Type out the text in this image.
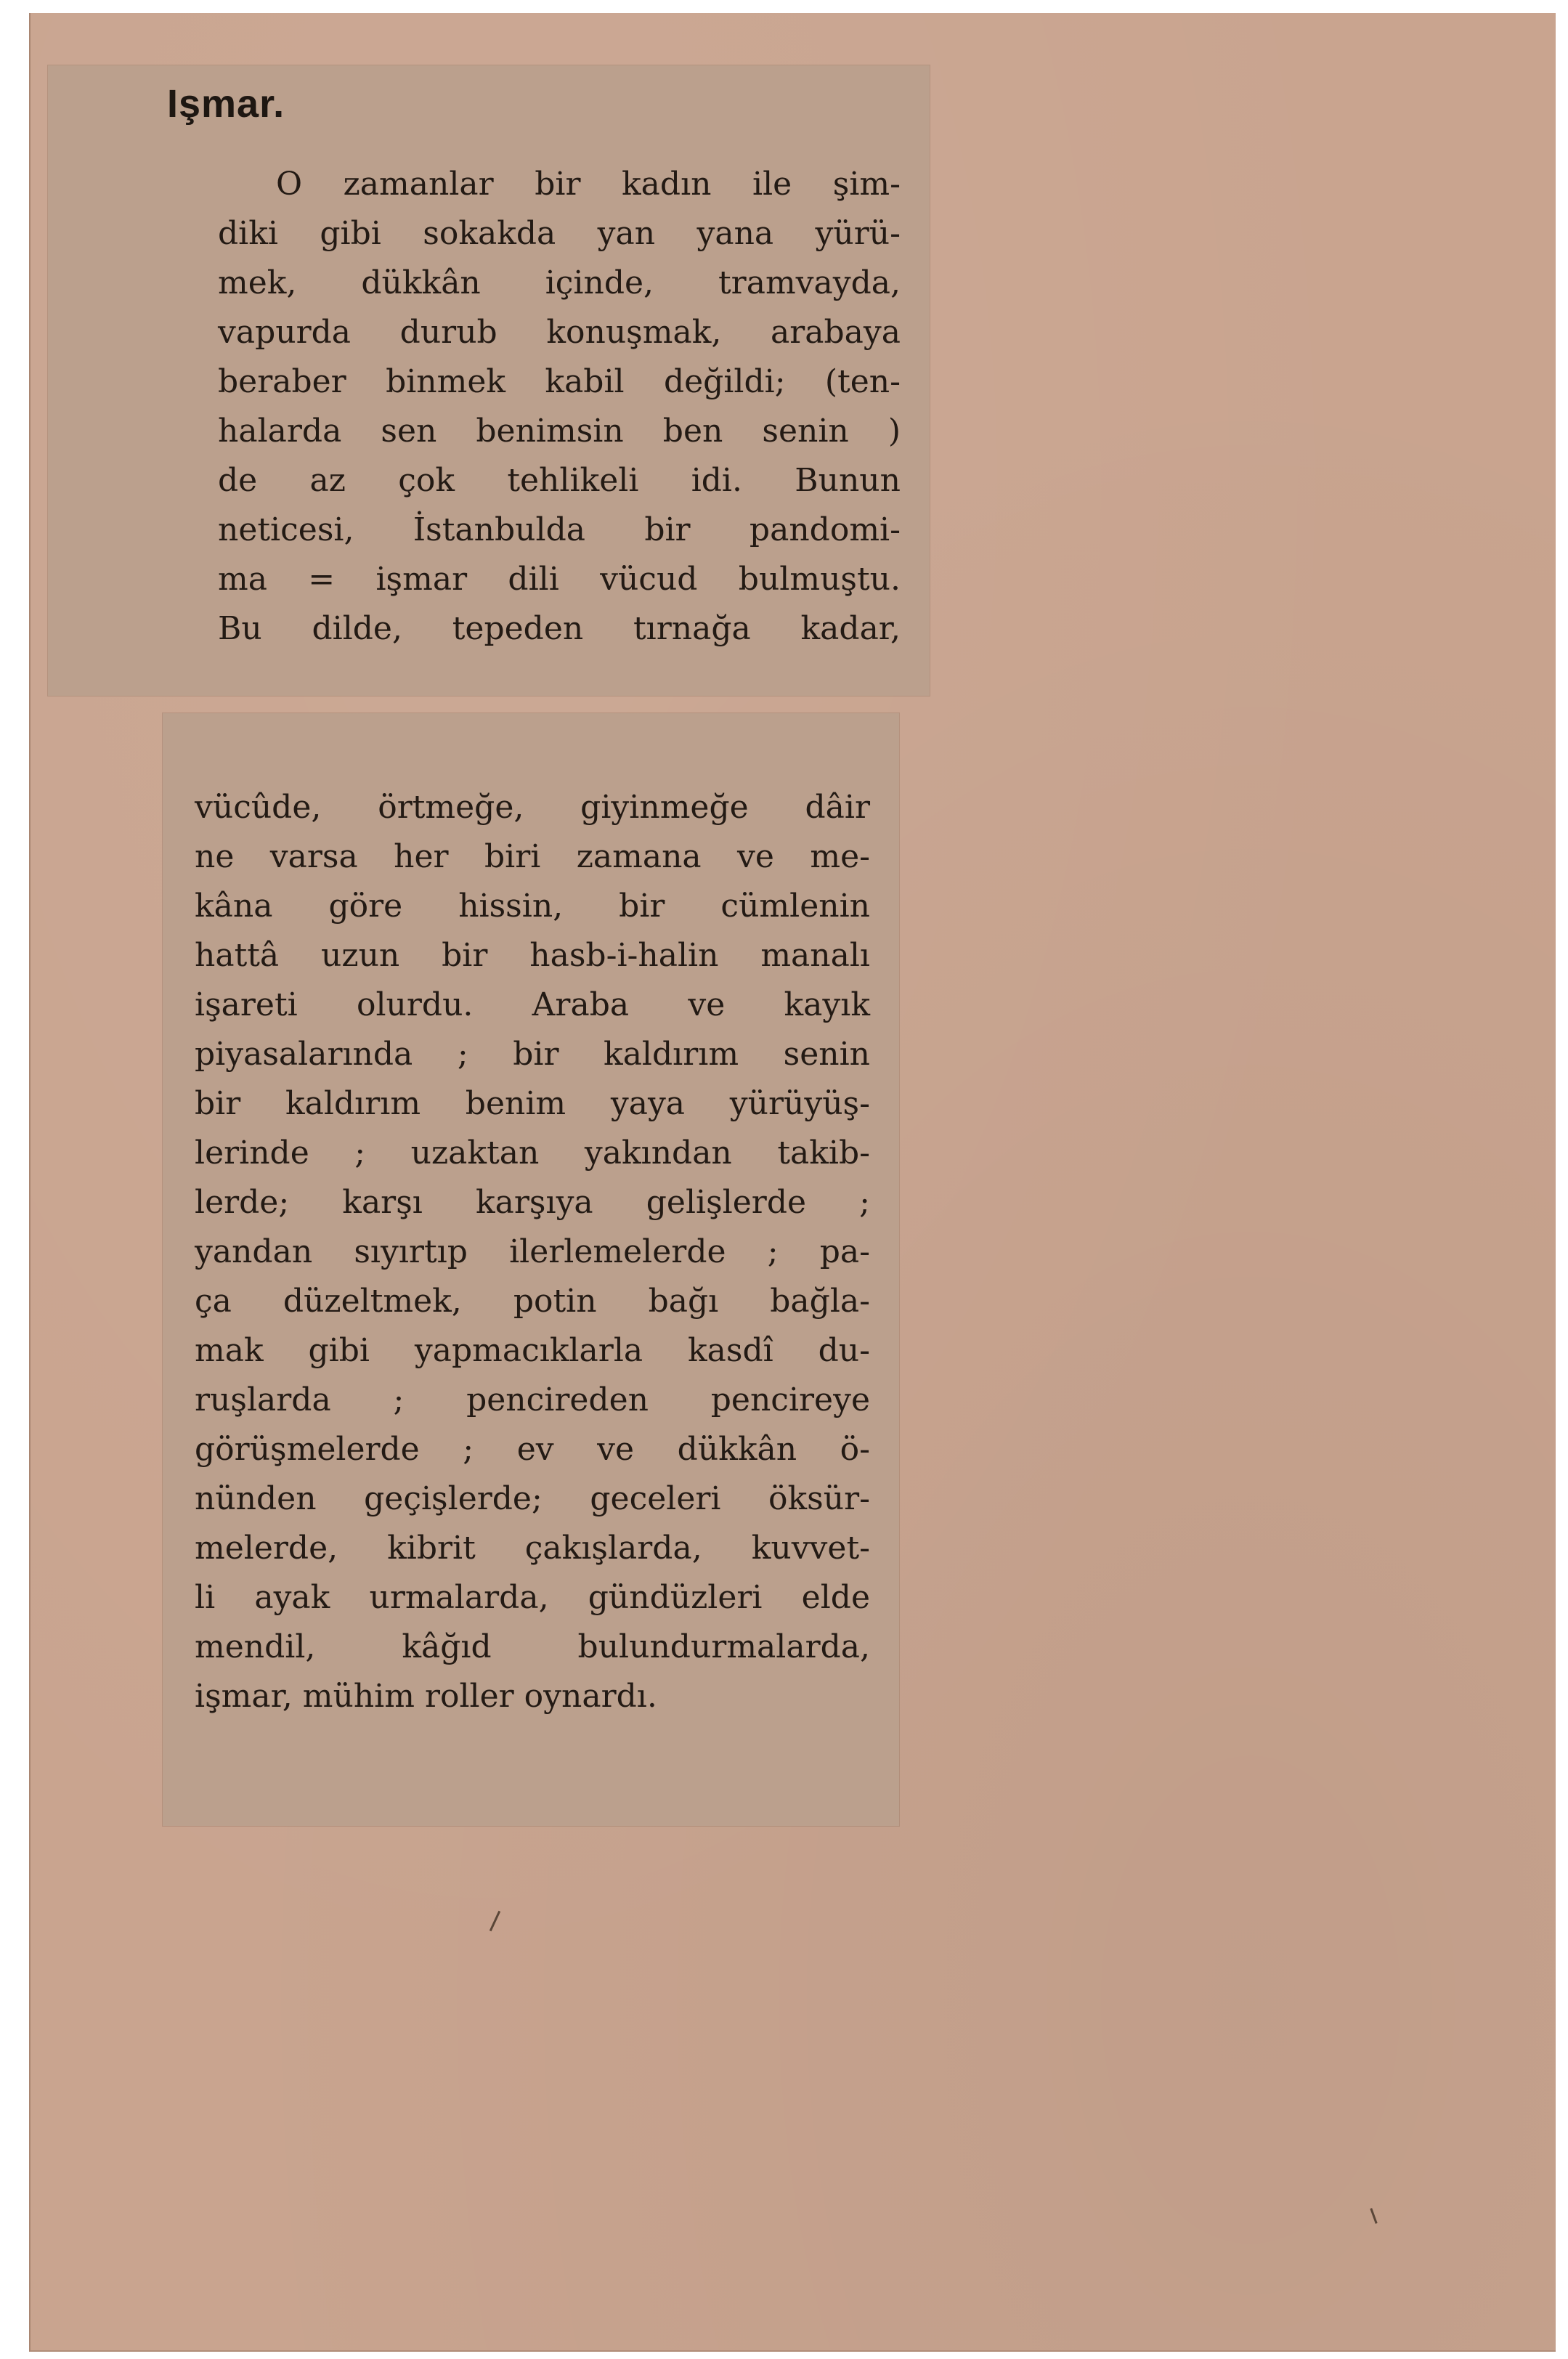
Işmar.

O zamanlar bir kadın ile şim-

diki gibi sokakda yan yana yürü-

mek, dükkân içinde, tramvayda,

vapurda durub konuşmak, arabaya

beraber binmek kabil değildi; (ten-

halarda sen benimsin ben senin )

de az çok tehlikeli idi. Bunun

neticesi, İstanbulda bir pandomi-

ma = işmar dili vücud bulmuştu.

Bu dilde, tepeden tırnağa kadar,

vücûde, örtmeğe, giyinmeğe dâir

ne varsa her biri zamana ve me-

kâna göre hissin, bir cümlenin

hattâ uzun bir hasb-i-halin manalı

işareti olurdu. Araba ve kayık

piyasalarında ; bir kaldırım senin

bir kaldırım benim yaya yürüyüş-

lerinde ; uzaktan yakından takib-

lerde; karşı karşıya gelişlerde ;

yandan sıyırtıp ilerlemelerde ; pa-

ça düzeltmek, potin bağı bağla-

mak gibi yapmacıklarla kasdî du-

ruşlarda ; pencireden pencireye

görüşmelerde ; ev ve dükkân ö-

nünden geçişlerde; geceleri öksür-

melerde, kibrit çakışlarda, kuvvet-

li ayak urmalarda, gündüzleri elde

mendil, kâğıd bulundurmalarda,

işmar, mühim roller oynardı.
